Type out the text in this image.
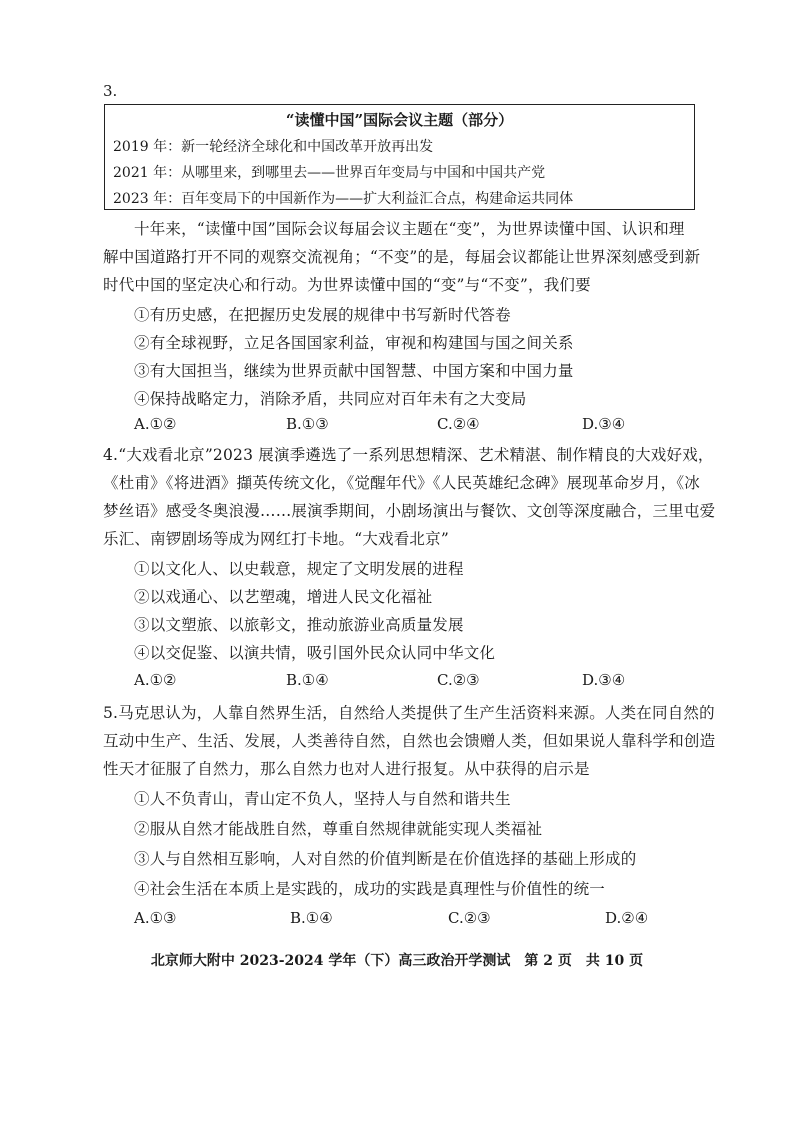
3.
“读懂中国”国际会议主题（部分）
2019 年：新一轮经济全球化和中国改革开放再出发
2021 年：从哪里来，到哪里去——世界百年变局与中国和中国共产党
2023 年：百年变局下的中国新作为——扩大利益汇合点，构建命运共同体
十年来，“读懂中国”国际会议每届会议主题在“变”，为世界读懂中国、认识和理
解中国道路打开不同的观察交流视角；“不变”的是，每届会议都能让世界深刻感受到新
时代中国的坚定决心和行动。为世界读懂中国的“变”与“不变”，我们要
①有历史感，在把握历史发展的规律中书写新时代答卷
②有全球视野，立足各国国家利益，审视和构建国与国之间关系
③有大国担当，继续为世界贡献中国智慧、中国方案和中国力量
④保持战略定力，消除矛盾，共同应对百年未有之大变局
A.①②	B.①③	C.②④	D.③④
4.“大戏看北京”2023 展演季遴选了一系列思想精深、艺术精湛、制作精良的大戏好戏，
《杜甫》《将进酒》擷英传统文化，《觉醒年代》《人民英雄纪念碑》展现革命岁月，《冰
梦丝语》感受冬奥浪漫……展演季期间，小剧场演出与餐饮、文创等深度融合，三里屯爱
乐汇、南锣剧场等成为网红打卡地。“大戏看北京”
①以文化人、以史载意，规定了文明发展的进程
②以戏通心、以艺塑魂，增进人民文化福祉
③以文塑旅、以旅彰文，推动旅游业高质量发展
④以交促鉴、以演共情，吸引国外民众认同中华文化
A.①②	B.①④	C.②③	D.③④
5.马克思认为，人靠自然界生活，自然给人类提供了生产生活资料来源。人类在同自然的
互动中生产、生活、发展，人类善待自然，自然也会馈赠人类，但如果说人靠科学和创造
性天才征服了自然力，那么自然力也对人进行报复。从中获得的启示是
①人不负青山，青山定不负人，坚持人与自然和谐共生
②服从自然才能战胜自然，尊重自然规律就能实现人类福祉
③人与自然相互影响，人对自然的价值判断是在价值选择的基础上形成的
④社会生活在本质上是实践的，成功的实践是真理性与价值性的统一
A.①③	B.①④	C.②③	D.②④
北京师大附中 2023-2024 学年（下）高三政治开学测试　第 2 页　共 10 页
